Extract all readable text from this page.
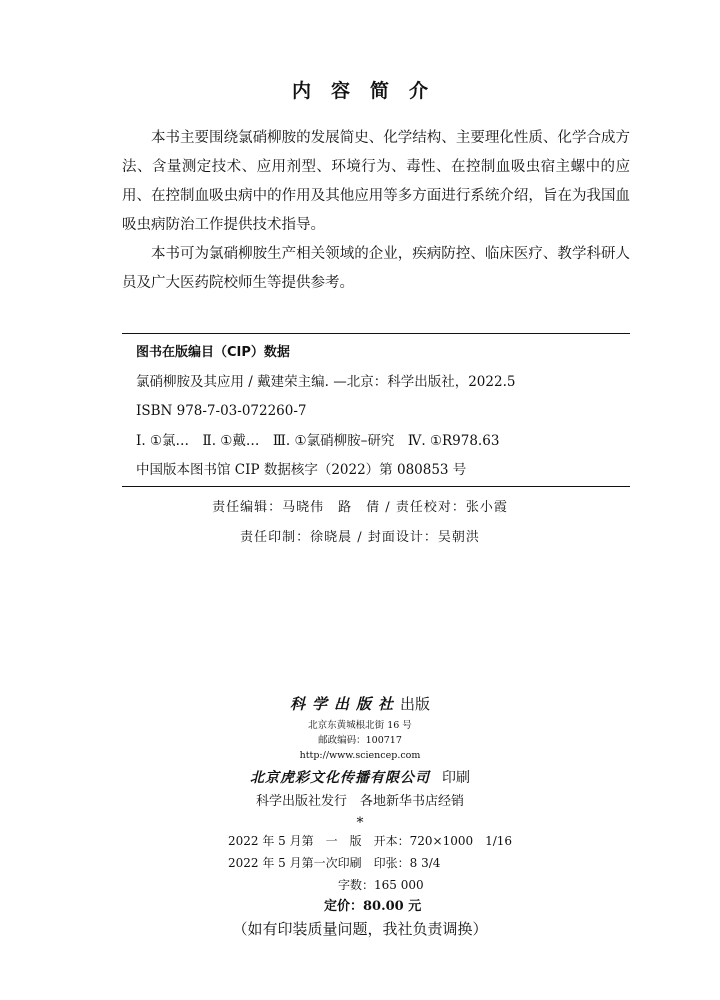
内容简介

本书主要围绕氯硝柳胺的发展简史、化学结构、主要理化性质、化学合成方法、含量测定技术、应用剂型、环境行为、毒性、在控制血吸虫宿主螺中的应用、在控制血吸虫病中的作用及其他应用等多方面进行系统介绍，旨在为我国血吸虫病防治工作提供技术指导。

本书可为氯硝柳胺生产相关领域的企业，疾病防控、临床医疗、教学科研人员及广大医药院校师生等提供参考。

图书在版编目（CIP）数据
氯硝柳胺及其应用 / 戴建荣主编. —北京：科学出版社，2022.5
ISBN 978-7-03-072260-7
Ⅰ. ①氯…　Ⅱ. ①戴…　Ⅲ. ①氯硝柳胺–研究　Ⅳ. ①R978.63
中国版本图书馆 CIP 数据核字（2022）第 080853 号
责任编辑：马晓伟　路　倩 / 责任校对：张小霞
责任印制：徐晓晨 / 封面设计：吴朝洪
科学出版社出版
北京东黄城根北街 16 号
邮政编码：100717
http://www.sciencep.com
北京虎彩文化传播有限公司 印刷
科学出版社发行　各地新华书店经销
*
2022 年 5 月第　一　版　开本：720×1000　1/16
2022 年 5 月第一次印刷　印张：8 3/4
字数：165 000
定价：80.00 元
（如有印装质量问题，我社负责调换）
